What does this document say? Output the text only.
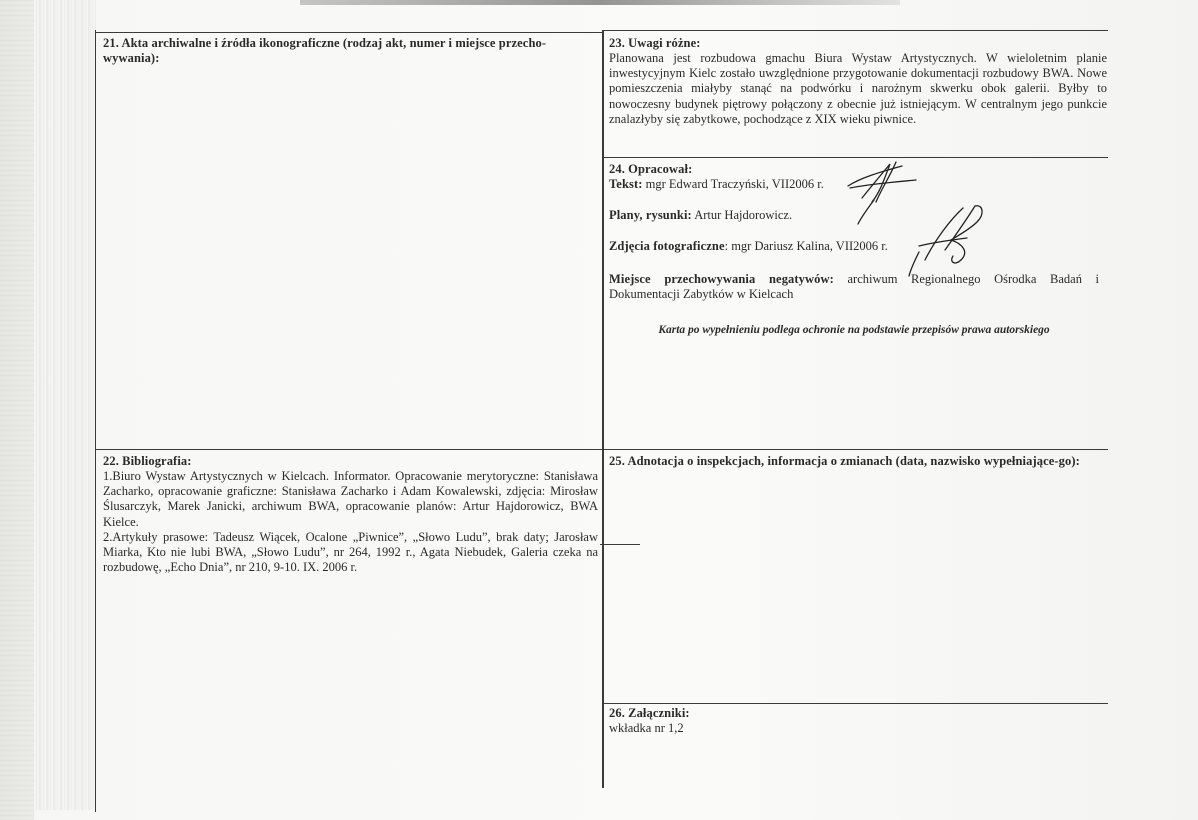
21. Akta archiwalne i źródła ikonograficzne (rodzaj akt, numer i miejsce przecho-wywania):
22. Bibliografia:
1.Biuro Wystaw Artystycznych w Kielcach. Informator. Opracowanie merytoryczne: Stanisława Zacharko, opracowanie graficzne: Stanisława Zacharko i Adam Kowalewski, zdjęcia: Mirosław Ślusarczyk, Marek Janicki, archiwum BWA, opracowanie planów: Artur Hajdorowicz, BWA Kielce.
2.Artykuły prasowe: Tadeusz Wiącek, Ocalone „Piwnice”, „Słowo Ludu”, brak daty; Jarosław Miarka, Kto nie lubi BWA, „Słowo Ludu”, nr 264, 1992 r., Agata Niebudek, Galeria czeka na rozbudowę, „Echo Dnia”, nr 210, 9-10. IX. 2006 r.
23. Uwagi różne:
Planowana jest rozbudowa gmachu Biura Wystaw Artystycznych. W wieloletnim planie inwestycyjnym Kielc zostało uwzględnione przygotowanie dokumentacji rozbudowy BWA. Nowe pomieszczenia miałyby stanąć na podwórku i narożnym skwerku obok galerii. Byłby to nowoczesny budynek piętrowy połączony z obecnie już istniejącym. W centralnym jego punkcie znalazłyby się zabytkowe, pochodzące z XIX wieku piwnice.
24. Opracował:
Tekst: mgr Edward Traczyński, VII2006 r.
Plany, rysunki: Artur Hajdorowicz.
Zdjęcia fotograficzne: mgr Dariusz Kalina, VII2006 r.
Miejsce przechowywania negatywów: archiwum Regionalnego Ośrodka Badań i Dokumentacji Zabytków w Kielcach
Karta po wypełnieniu podlega ochronie na podstawie przepisów prawa autorskiego
25. Adnotacja o inspekcjach, informacja o zmianach (data, nazwisko wypełniające-go):
26. Załączniki:
wkładka nr 1,2
